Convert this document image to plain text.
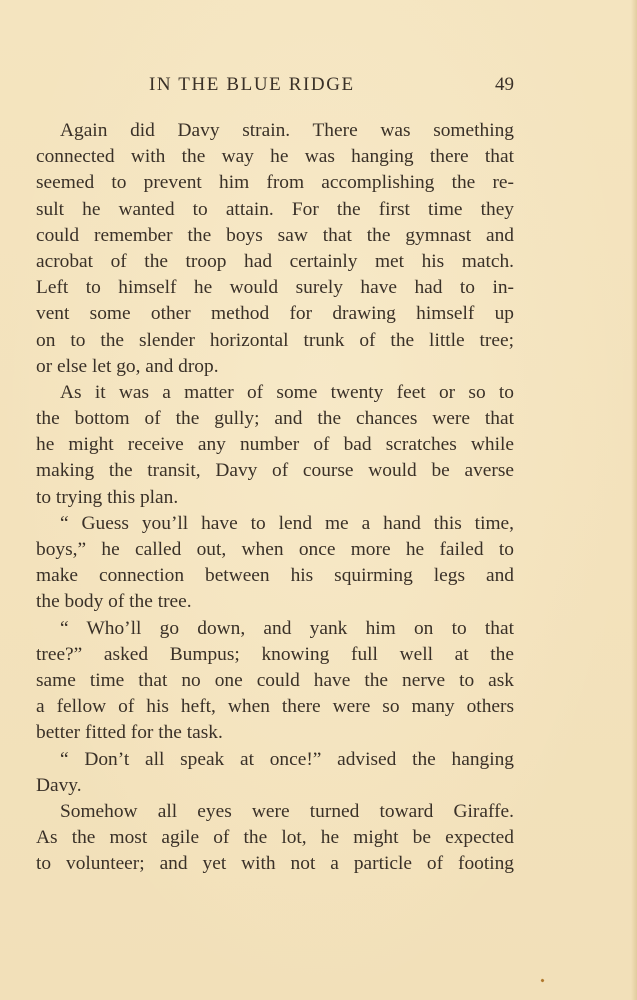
IN THE BLUE RIDGE	49
Again did Davy strain. There was something
connected with the way he was hanging there that
seemed to prevent him from accomplishing the re-
sult he wanted to attain. For the first time they
could remember the boys saw that the gymnast and
acrobat of the troop had certainly met his match.
Left to himself he would surely have had to in-
vent some other method for drawing himself up
on to the slender horizontal trunk of the little tree;
or else let go, and drop.
As it was a matter of some twenty feet or so to
the bottom of the gully; and the chances were that
he might receive any number of bad scratches while
making the transit, Davy of course would be averse
to trying this plan.
“ Guess you’ll have to lend me a hand this time,
boys,” he called out, when once more he failed to
make connection between his squirming legs and
the body of the tree.
“ Who’ll go down, and yank him on to that
tree?” asked Bumpus; knowing full well at the
same time that no one could have the nerve to ask
a fellow of his heft, when there were so many others
better fitted for the task.
“ Don’t all speak at once!” advised the hanging
Davy.
Somehow all eyes were turned toward Giraffe.
As the most agile of the lot, he might be expected
to volunteer; and yet with not a particle of footing
